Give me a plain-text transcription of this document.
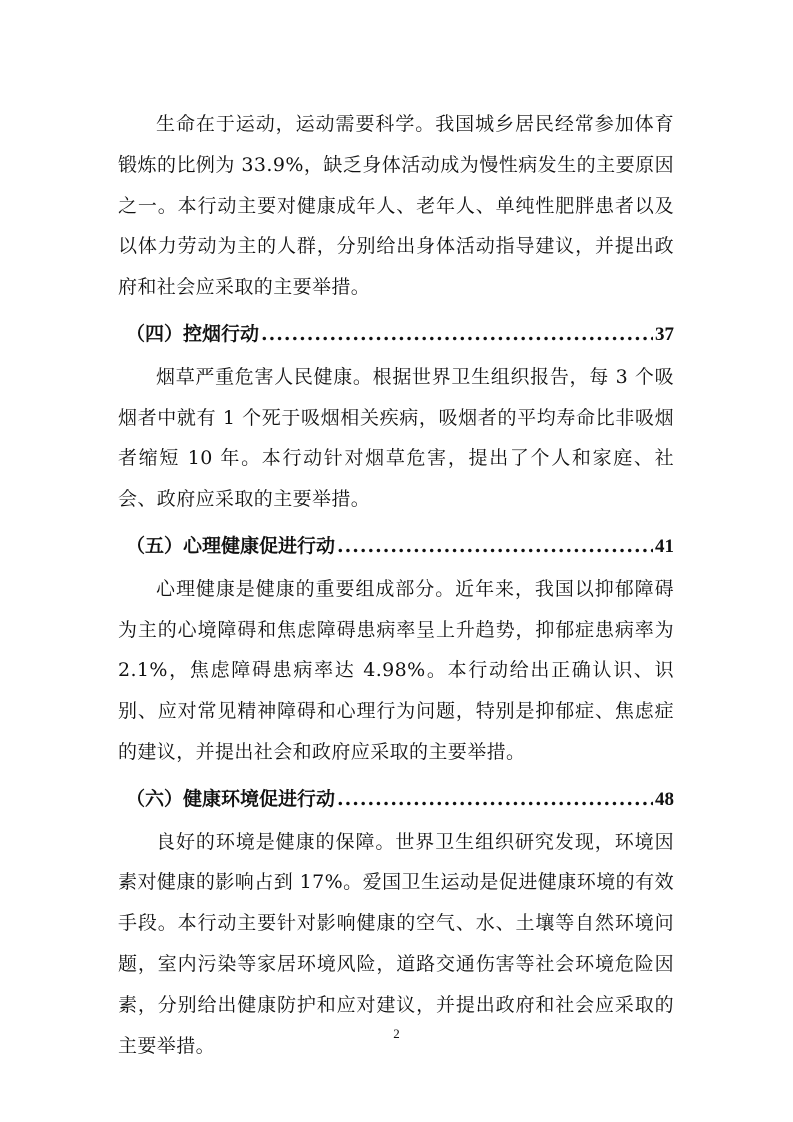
生命在于运动，运动需要科学。我国城乡居民经常参加体育锻炼的比例为 33.9%，缺乏身体活动成为慢性病发生的主要原因之一。本行动主要对健康成年人、老年人、单纯性肥胖患者以及以体力劳动为主的人群，分别给出身体活动指导建议，并提出政府和社会应采取的主要举措。

（四）控烟行动 .....	37

烟草严重危害人民健康。根据世界卫生组织报告，每 3 个吸烟者中就有 1 个死于吸烟相关疾病，吸烟者的平均寿命比非吸烟者缩短 10 年。本行动针对烟草危害，提出了个人和家庭、社会、政府应采取的主要举措。

（五）心理健康促进行动 .....	41

心理健康是健康的重要组成部分。近年来，我国以抑郁障碍为主的心境障碍和焦虑障碍患病率呈上升趋势，抑郁症患病率为 2.1%，焦虑障碍患病率达 4.98%。本行动给出正确认识、识别、应对常见精神障碍和心理行为问题，特别是抑郁症、焦虑症的建议，并提出社会和政府应采取的主要举措。

（六）健康环境促进行动 .....	48

良好的环境是健康的保障。世界卫生组织研究发现，环境因素对健康的影响占到 17%。爱国卫生运动是促进健康环境的有效手段。本行动主要针对影响健康的空气、水、土壤等自然环境问题，室内污染等家居环境风险，道路交通伤害等社会环境危险因素，分别给出健康防护和应对建议，并提出政府和社会应采取的主要举措。

2
